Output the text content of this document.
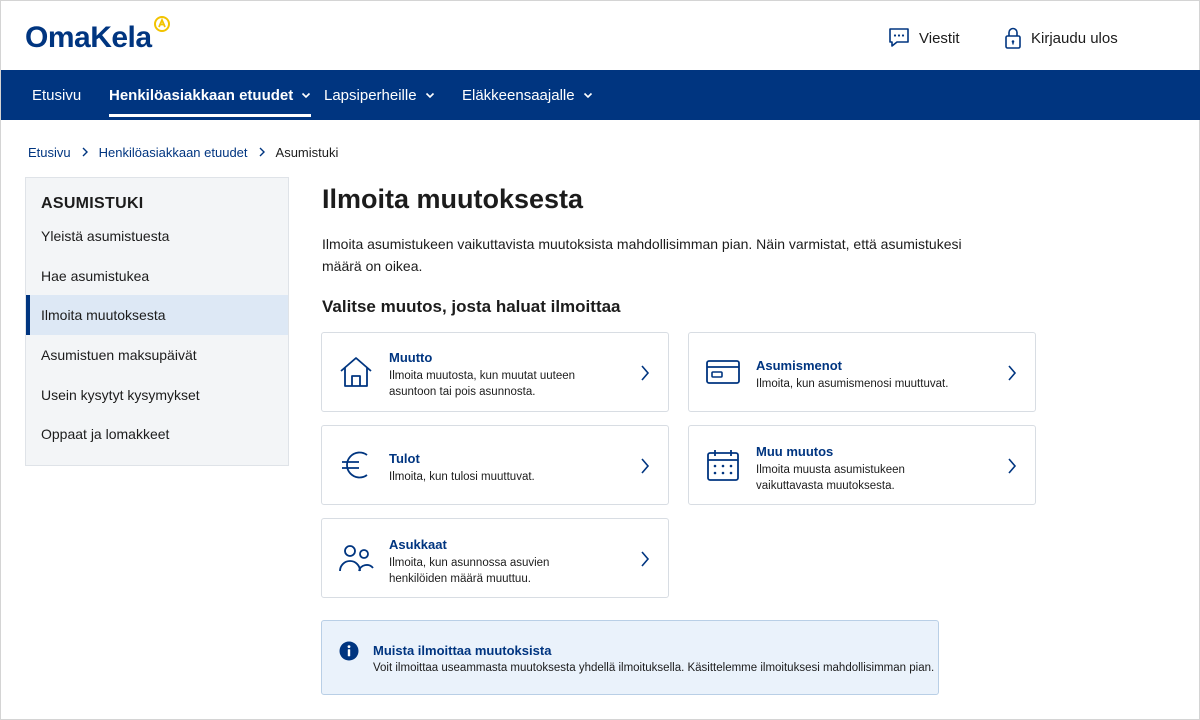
OmaKela	Viestit	Kirjaudu ulos
Etusivu Henkilöasiakkaan etuudet Lapsiperheille	Eläkkeensaajalle
Etusivu Henkilöasiakkaan etuudet Asumistuki
ASUMISTUKI
Yleistä asumistuesta
Hae asumistukea
Ilmoita muutoksesta
Asumistuen maksupäivät
Usein kysytyt kysymykset
Oppaat ja lomakkeet
Ilmoita muutoksesta

Ilmoita asumistukeen vaikuttavista muutoksista mahdollisimman pian. Näin varmistat, että asumistukesi määrä on oikea.

Valitse muutos, josta haluat ilmoittaa
Muutto
Ilmoita muutosta, kun muutat uuteen asuntoon tai pois asunnosta.
Asumismenot
Ilmoita, kun asumismenosi muuttuvat.
Tulot
Ilmoita, kun tulosi muuttuvat.
Muu muutos
Ilmoita muusta asumistukeen vaikuttavasta muutoksesta.
Asukkaat
Ilmoita, kun asunnossa asuvien henkilöiden määrä muuttuu.
Muista ilmoittaa muutoksista
Voit ilmoittaa useammasta muutoksesta yhdellä ilmoituksella. Käsittelemme ilmoituksesi mahdollisimman pian.
